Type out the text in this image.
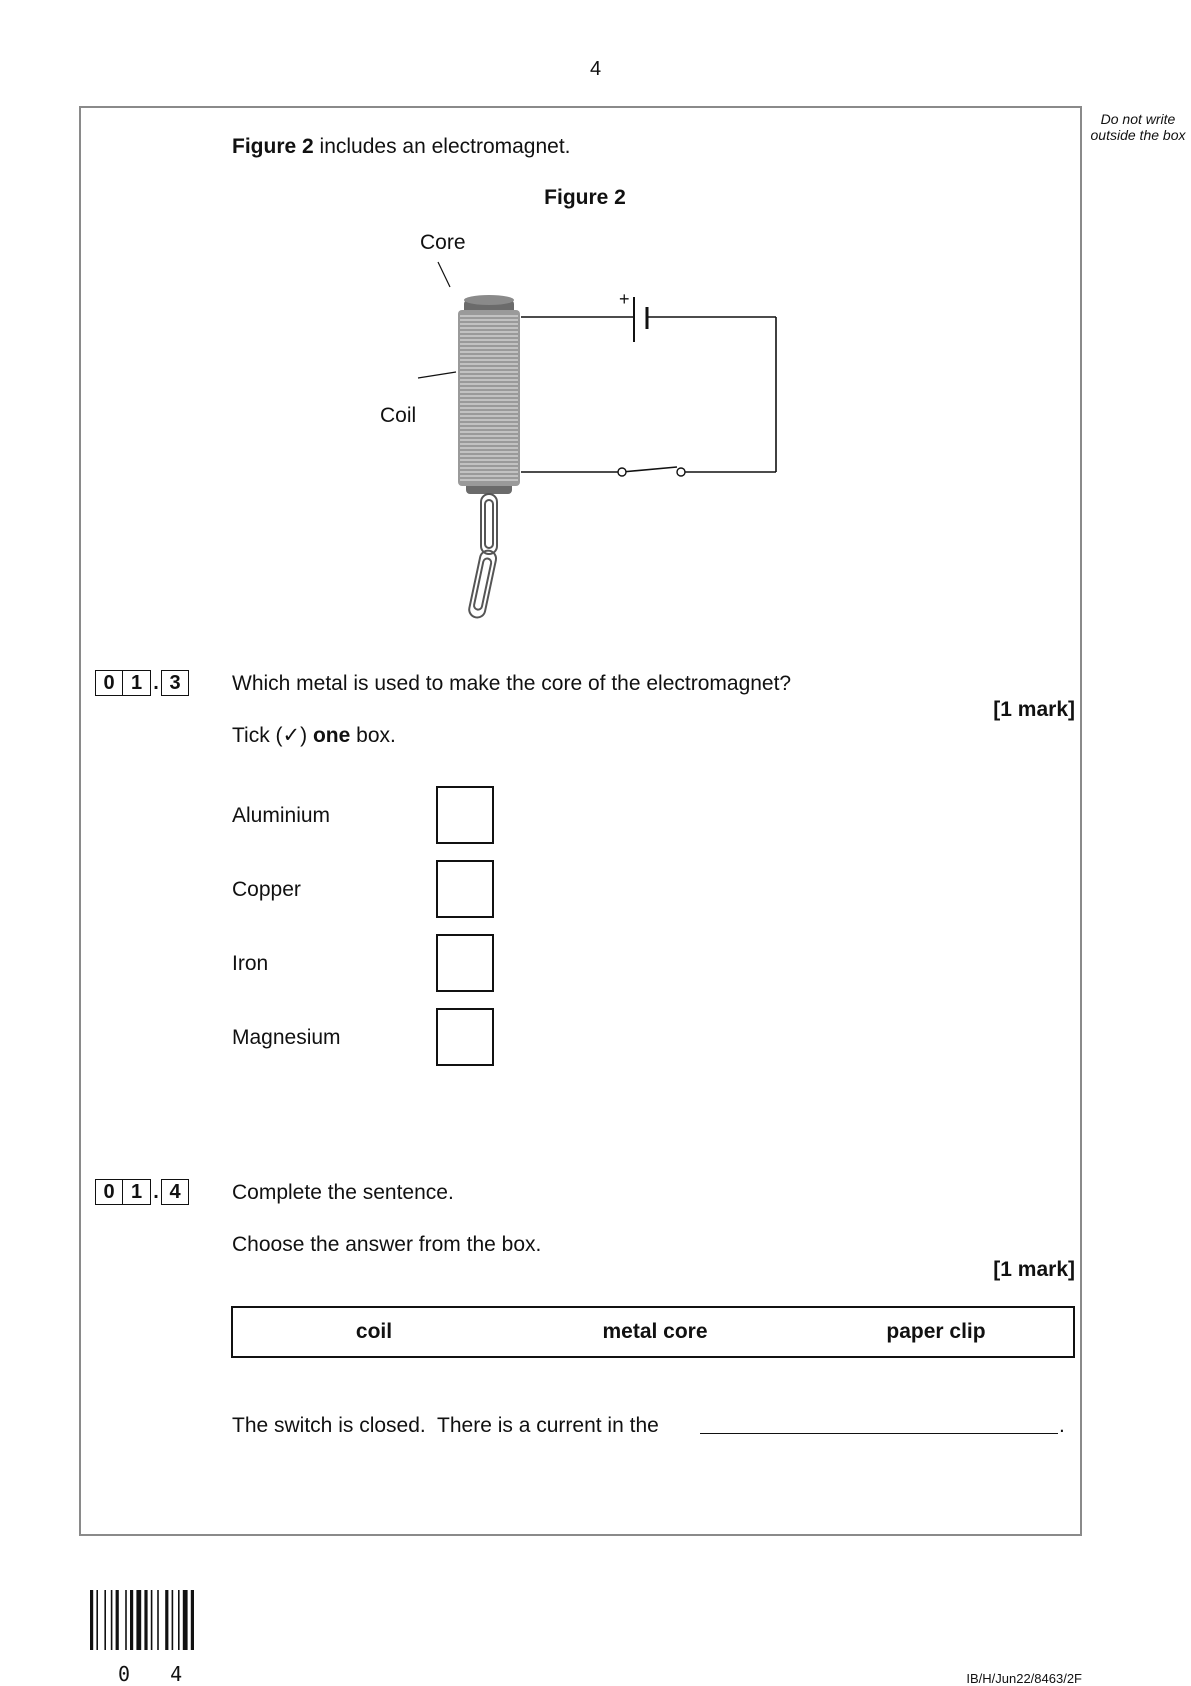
4
Do not write outside the box
Figure 2 includes an electromagnet.
Figure 2
+
Core
Coil
0 1 . 3	Which metal is used to make the core of the electromagnet?
[1 mark]
Tick (✓) one box.
Aluminium
Copper
Iron
Magnesium
0 1 . 4	Complete the sentence.
Choose the answer from the box.
[1 mark]
coil	metal core	paper clip
The switch is closed.  There is a current in the	.
0 4	IB/H/Jun22/8463/2F
